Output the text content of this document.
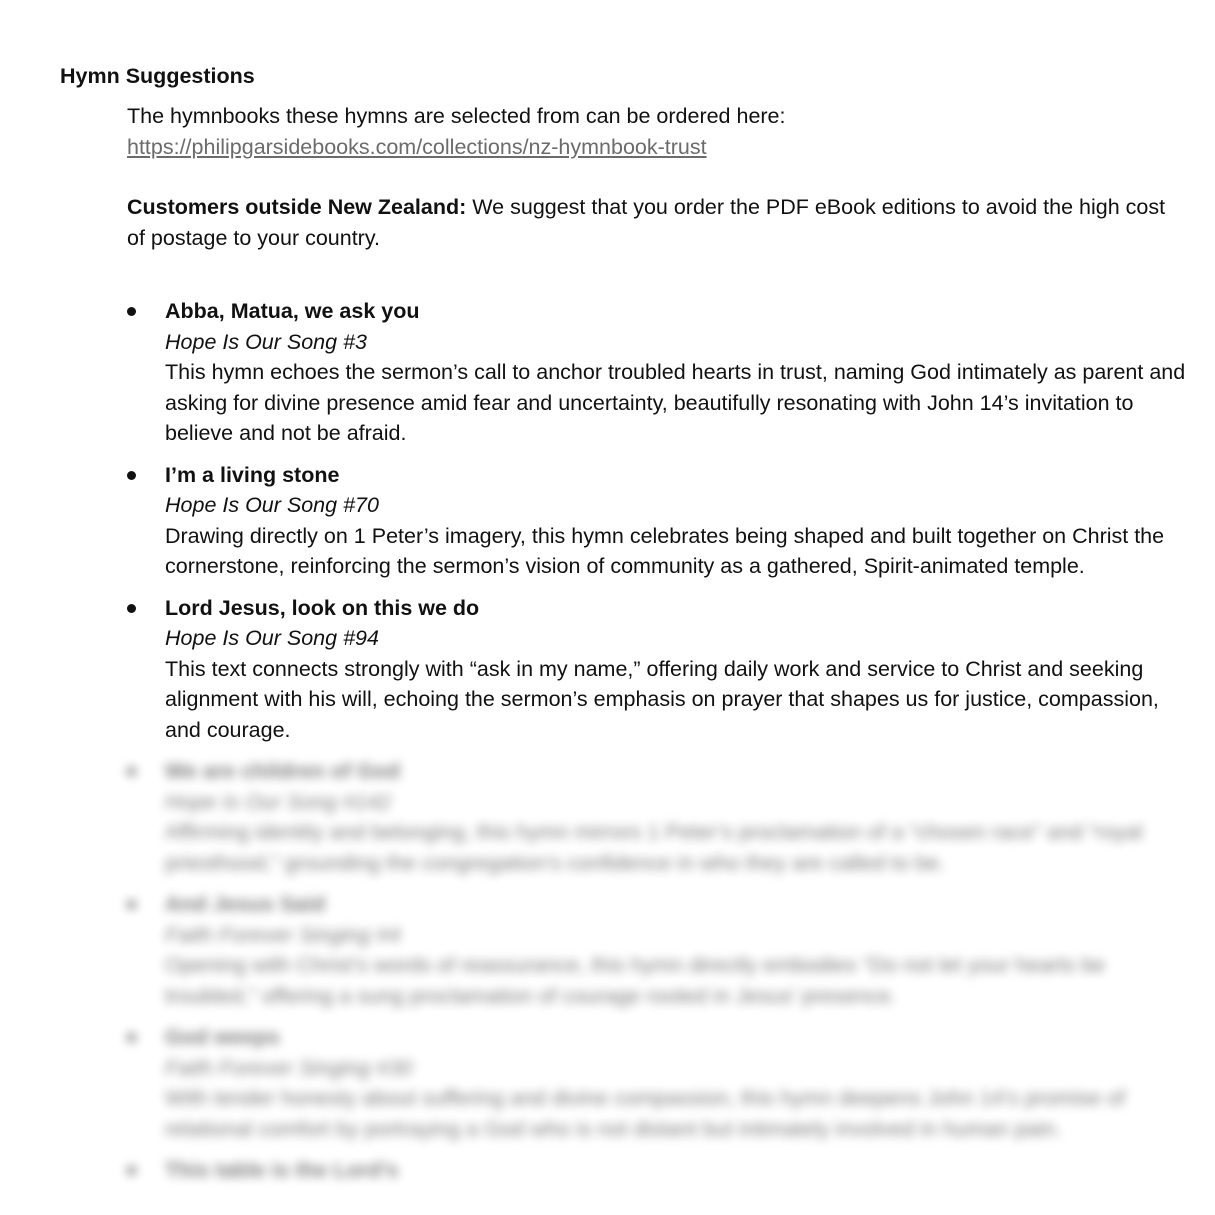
Hymn Suggestions

The hymnbooks these hymns are selected from can be ordered here:

https://philipgarsidebooks.com/collections/nz-hymnbook-trust

Customers outside New Zealand: We suggest that you order the PDF eBook editions to avoid the high cost of postage to your country.
Abba, Matua, we ask you
Hope Is Our Song #3
This hymn echoes the sermon’s call to anchor troubled hearts in trust, naming God intimately as parent and asking for divine presence amid fear and uncertainty, beautifully resonating with John 14’s invitation to believe and not be afraid.
I’m a living stone
Hope Is Our Song #70
Drawing directly on 1 Peter’s imagery, this hymn celebrates being shaped and built together on Christ the cornerstone, reinforcing the sermon’s vision of community as a gathered, Spirit-animated temple.
Lord Jesus, look on this we do
Hope Is Our Song #94
This text connects strongly with “ask in my name,” offering daily work and service to Christ and seeking alignment with his will, echoing the sermon’s emphasis on prayer that shapes us for justice, compassion, and courage.
We are children of God
Hope Is Our Song #142
Affirming identity and belonging, this hymn mirrors 1 Peter’s proclamation of a “chosen race” and “royal priesthood,” grounding the congregation’s confidence in who they are called to be.
And Jesus Said
Faith Forever Singing #4
Opening with Christ’s words of reassurance, this hymn directly embodies “Do not let your hearts be troubled,” offering a sung proclamation of courage rooted in Jesus’ presence.
God weeps
Faith Forever Singing #30
With tender honesty about suffering and divine compassion, this hymn deepens John 14’s promise of relational comfort by portraying a God who is not distant but intimately involved in human pain.
This table is the Lord’s
